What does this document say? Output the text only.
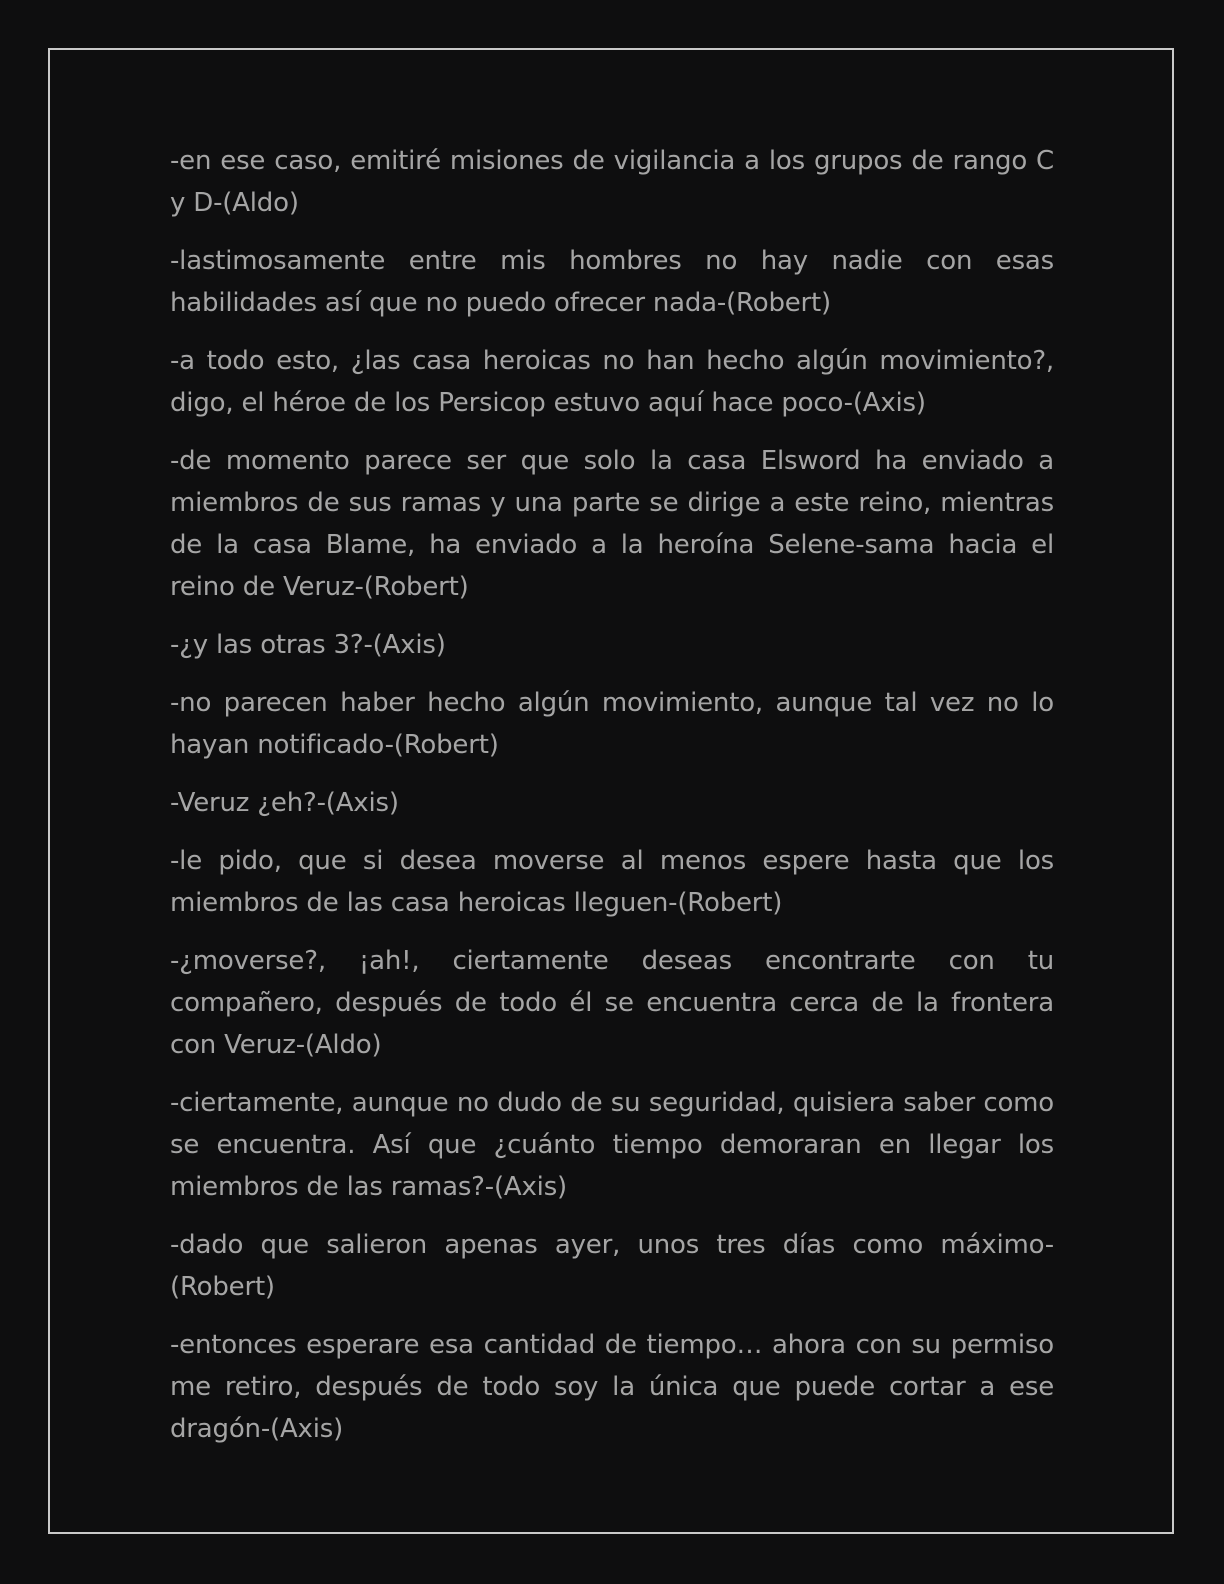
-en ese caso, emitiré misiones de vigilancia a los grupos de rango C y D-(Aldo)

-lastimosamente entre mis hombres no hay nadie con esas habilidades así que no puedo ofrecer nada-(Robert)

-a todo esto, ¿las casa heroicas no han hecho algún movimiento?, digo, el héroe de los Persicop estuvo aquí hace poco-(Axis)

-de momento parece ser que solo la casa Elsword ha enviado a miembros de sus ramas y una parte se dirige a este reino, mientras de la casa Blame, ha enviado a la heroína Selene-sama hacia el reino de Veruz-(Robert)

-¿y las otras 3?-(Axis)

-no parecen haber hecho algún movimiento, aunque tal vez no lo hayan notificado-(Robert)

-Veruz ¿eh?-(Axis)

-le pido, que si desea moverse al menos espere hasta que los miembros de las casa heroicas lleguen-(Robert)

-¿moverse?, ¡ah!, ciertamente deseas encontrarte con tu compañero, después de todo él se encuentra cerca de la frontera con Veruz-(Aldo)

-ciertamente, aunque no dudo de su seguridad, quisiera saber como se encuentra. Así que ¿cuánto tiempo demoraran en llegar los miembros de las ramas?-(Axis)

-dado que salieron apenas ayer, unos tres días como máximo-(Robert)

-entonces esperare esa cantidad de tiempo… ahora con su permiso me retiro, después de todo soy la única que puede cortar a ese dragón-(Axis)
